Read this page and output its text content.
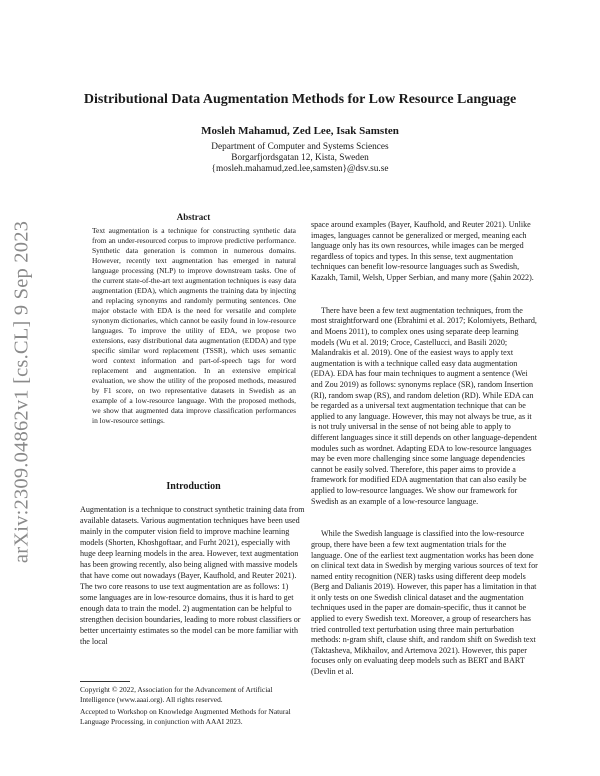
arXiv:2309.04862v1 [cs.CL] 9 Sep 2023
Distributional Data Augmentation Methods for Low Resource Language
Mosleh Mahamud, Zed Lee, Isak Samsten
Department of Computer and Systems Sciences
Borgarfjordsgatan 12, Kista, Sweden
{mosleh.mahamud,zed.lee,samsten}@dsv.su.se
Abstract

Text augmentation is a technique for constructing synthetic data from an under-resourced corpus to improve predictive performance. Synthetic data generation is common in numerous domains. However, recently text augmentation has emerged in natural language processing (NLP) to improve downstream tasks. One of the current state-of-the-art text augmentation techniques is easy data augmentation (EDA), which augments the training data by injecting and replacing synonyms and randomly permuting sentences. One major obstacle with EDA is the need for versatile and complete synonym dictionaries, which cannot be easily found in low-resource languages. To improve the utility of EDA, we propose two extensions, easy distributional data augmentation (EDDA) and type specific similar word replacement (TSSR), which uses semantic word context information and part-of-speech tags for word replacement and augmentation. In an extensive empirical evaluation, we show the utility of the proposed methods, measured by F1 score, on two representative datasets in Swedish as an example of a low-resource language. With the proposed methods, we show that augmented data improve classification performances in low-resource settings.

Introduction

Augmentation is a technique to construct synthetic training data from available datasets. Various augmentation techniques have been used mainly in the computer vision field to improve machine learning models (Shorten, Khoshgoftaar, and Furht 2021), especially with huge deep learning models in the area. However, text augmentation has been growing recently, also being aligned with massive models that have come out nowadays (Bayer, Kaufhold, and Reuter 2021). The two core reasons to use text augmentation are as follows: 1) some languages are in low-resource domains, thus it is hard to get enough data to train the model. 2) augmentation can be helpful to strengthen decision boundaries, leading to more robust classifiers or better uncertainty estimates so the model can be more familiar with the local

Copyright © 2022, Association for the Advancement of Artificial Intelligence (www.aaai.org). All rights reserved.

Accepted to Workshop on Knowledge Augmented Methods for Natural Language Processing, in conjunction with AAAI 2023.

space around examples (Bayer, Kaufhold, and Reuter 2021). Unlike images, languages cannot be generalized or merged, meaning each language only has its own resources, while images can be merged regardless of topics and types. In this sense, text augmentation techniques can benefit low-resource languages such as Swedish, Kazakh, Tamil, Welsh, Upper Serbian, and many more (Şahin 2022).

There have been a few text augmentation techniques, from the most straightforward one (Ebrahimi et al. 2017; Kolomiyets, Bethard, and Moens 2011), to complex ones using separate deep learning models (Wu et al. 2019; Croce, Castellucci, and Basili 2020; Malandrakis et al. 2019). One of the easiest ways to apply text augmentation is with a technique called easy data augmentation (EDA). EDA has four main techniques to augment a sentence (Wei and Zou 2019) as follows: synonyms replace (SR), random Insertion (RI), random swap (RS), and random deletion (RD). While EDA can be regarded as a universal text augmentation technique that can be applied to any language. However, this may not always be true, as it is not truly universal in the sense of not being able to apply to different languages since it still depends on other language-dependent modules such as wordnet. Adapting EDA to low-resource languages may be even more challenging since some language dependencies cannot be easily solved. Therefore, this paper aims to provide a framework for modified EDA augmentation that can also easily be applied to low-resource languages. We show our framework for Swedish as an example of a low-resource language.

While the Swedish language is classified into the low-resource group, there have been a few text augmentation trials for the language. One of the earliest text augmentation works has been done on clinical text data in Swedish by merging various sources of text for named entity recognition (NER) tasks using different deep models (Berg and Dalianis 2019). However, this paper has a limitation in that it only tests on one Swedish clinical dataset and the augmentation techniques used in the paper are domain-specific, thus it cannot be applied to every Swedish text. Moreover, a group of researchers has tried controlled text perturbation using three main perturbation methods: n-gram shift, clause shift, and random shift on Swedish text (Taktasheva, Mikhailov, and Artemova 2021). However, this paper focuses only on evaluating deep models such as BERT and BART (Devlin et al.
